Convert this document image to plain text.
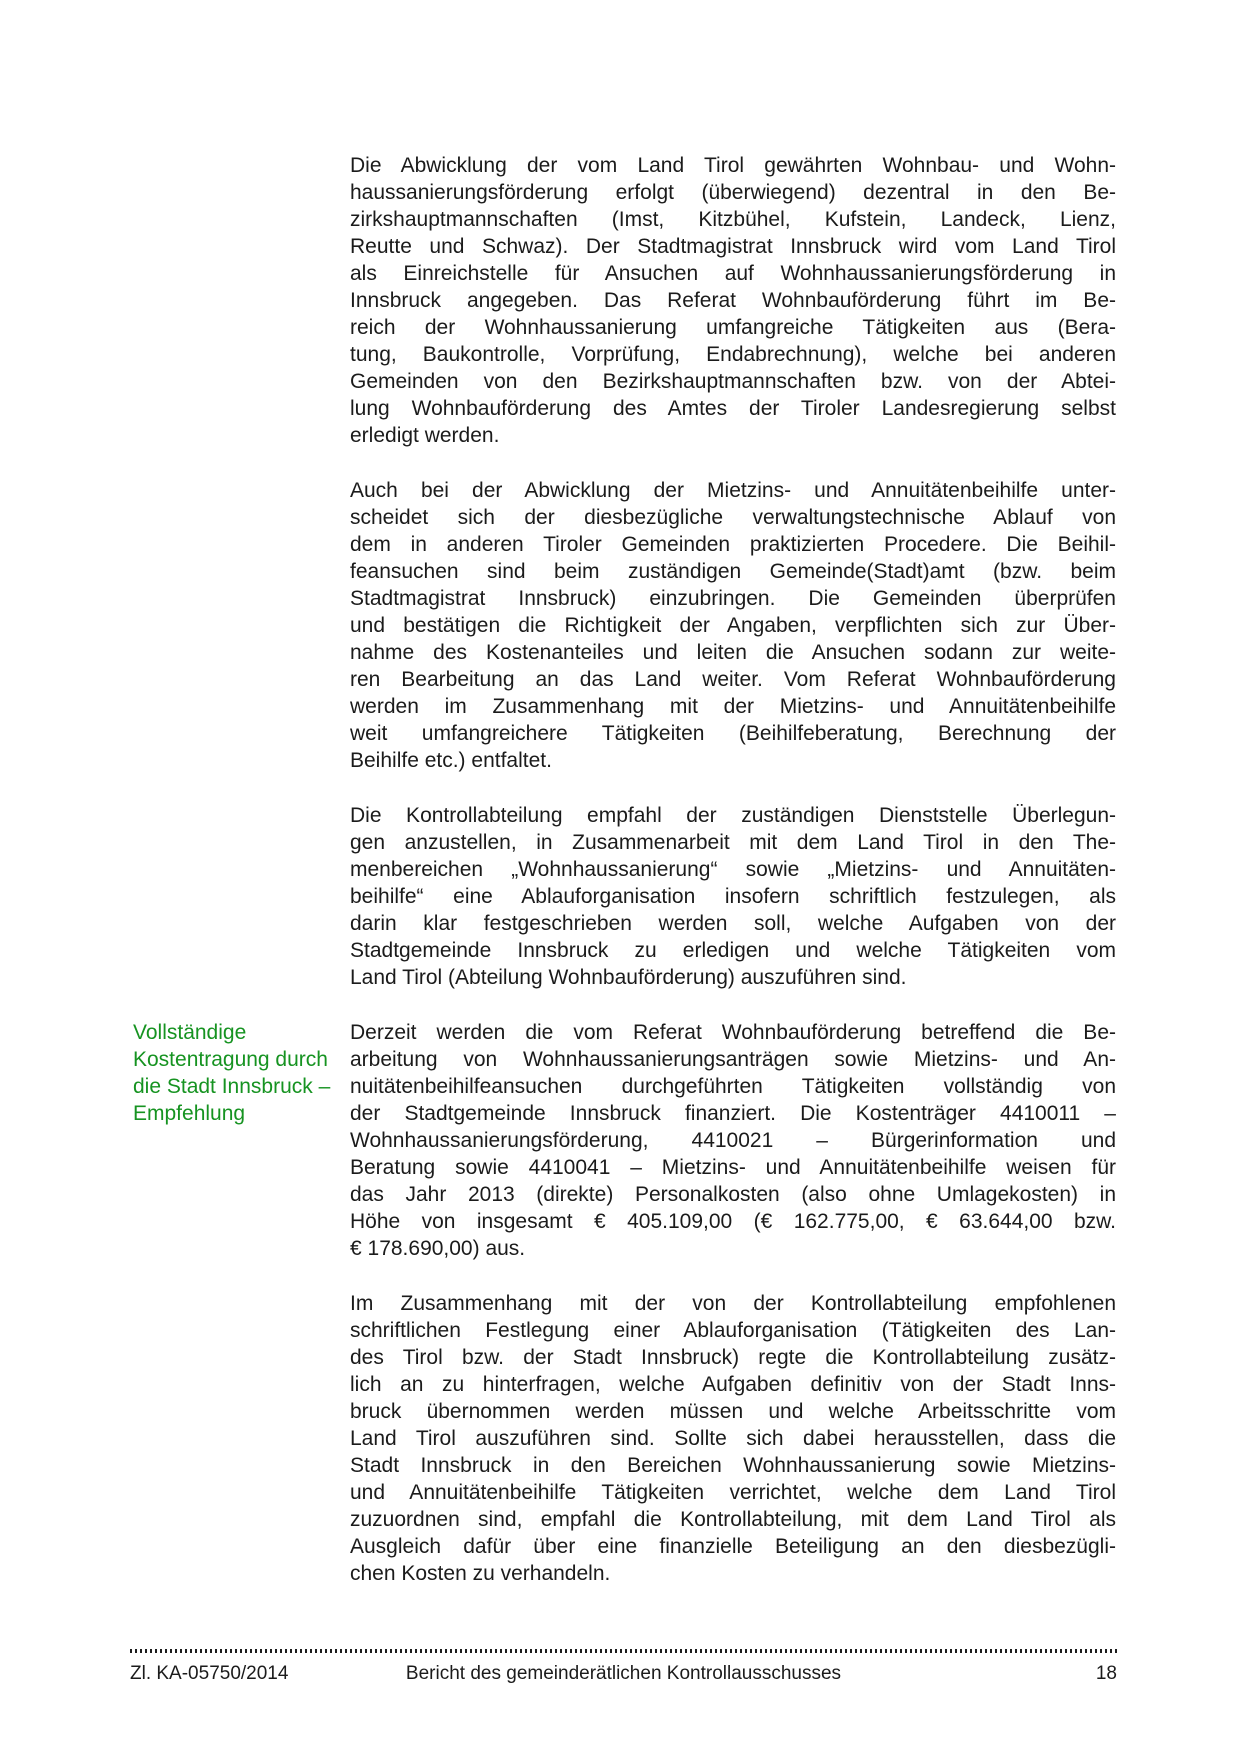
Vollständige
Kostentragung durch
die Stadt Innsbruck –
Empfehlung
Die Abwicklung der vom Land Tirol gewährten Wohnbau- und Wohn-
haussanierungsförderung erfolgt (überwiegend) dezentral in den Be-
zirkshauptmannschaften (Imst, Kitzbühel, Kufstein, Landeck, Lienz,
Reutte und Schwaz). Der Stadtmagistrat Innsbruck wird vom Land Tirol
als Einreichstelle für Ansuchen auf Wohnhaussanierungsförderung in
Innsbruck angegeben. Das Referat Wohnbauförderung führt im Be-
reich der Wohnhaussanierung umfangreiche Tätigkeiten aus (Bera-
tung, Baukontrolle, Vorprüfung, Endabrechnung), welche bei anderen
Gemeinden von den Bezirkshauptmannschaften bzw. von der Abtei-
lung Wohnbauförderung des Amtes der Tiroler Landesregierung selbst
erledigt werden.
Auch bei der Abwicklung der Mietzins- und Annuitätenbeihilfe unter-
scheidet sich der diesbezügliche verwaltungstechnische Ablauf von
dem in anderen Tiroler Gemeinden praktizierten Procedere. Die Beihil-
feansuchen sind beim zuständigen Gemeinde(Stadt)amt (bzw. beim
Stadtmagistrat Innsbruck) einzubringen. Die Gemeinden überprüfen
und bestätigen die Richtigkeit der Angaben, verpflichten sich zur Über-
nahme des Kostenanteiles und leiten die Ansuchen sodann zur weite-
ren Bearbeitung an das Land weiter. Vom Referat Wohnbauförderung
werden im Zusammenhang mit der Mietzins- und Annuitätenbeihilfe
weit umfangreichere Tätigkeiten (Beihilfeberatung, Berechnung der
Beihilfe etc.) entfaltet.
Die Kontrollabteilung empfahl der zuständigen Dienststelle Überlegun-
gen anzustellen, in Zusammenarbeit mit dem Land Tirol in den The-
menbereichen „Wohnhaussanierung“ sowie „Mietzins- und Annuitäten-
beihilfe“ eine Ablauforganisation insofern schriftlich festzulegen, als
darin klar festgeschrieben werden soll, welche Aufgaben von der
Stadtgemeinde Innsbruck zu erledigen und welche Tätigkeiten vom
Land Tirol (Abteilung Wohnbauförderung) auszuführen sind.
Derzeit werden die vom Referat Wohnbauförderung betreffend die Be-
arbeitung von Wohnhaussanierungsanträgen sowie Mietzins- und An-
nuitätenbeihilfeansuchen durchgeführten Tätigkeiten vollständig von
der Stadtgemeinde Innsbruck finanziert. Die Kostenträger 4410011 –
Wohnhaussanierungsförderung, 4410021 – Bürgerinformation und
Beratung sowie 4410041 – Mietzins- und Annuitätenbeihilfe weisen für
das Jahr 2013 (direkte) Personalkosten (also ohne Umlagekosten) in
Höhe von insgesamt € 405.109,00 (€ 162.775,00, € 63.644,00 bzw.
€ 178.690,00) aus.
Im Zusammenhang mit der von der Kontrollabteilung empfohlenen
schriftlichen Festlegung einer Ablauforganisation (Tätigkeiten des Lan-
des Tirol bzw. der Stadt Innsbruck) regte die Kontrollabteilung zusätz-
lich an zu hinterfragen, welche Aufgaben definitiv von der Stadt Inns-
bruck übernommen werden müssen und welche Arbeitsschritte vom
Land Tirol auszuführen sind. Sollte sich dabei herausstellen, dass die
Stadt Innsbruck in den Bereichen Wohnhaussanierung sowie Mietzins-
und Annuitätenbeihilfe Tätigkeiten verrichtet, welche dem Land Tirol
zuzuordnen sind, empfahl die Kontrollabteilung, mit dem Land Tirol als
Ausgleich dafür über eine finanzielle Beteiligung an den diesbezügli-
chen Kosten zu verhandeln.
Zl. KA-05750/2014	Bericht des gemeinderätlichen Kontrollausschusses	18
